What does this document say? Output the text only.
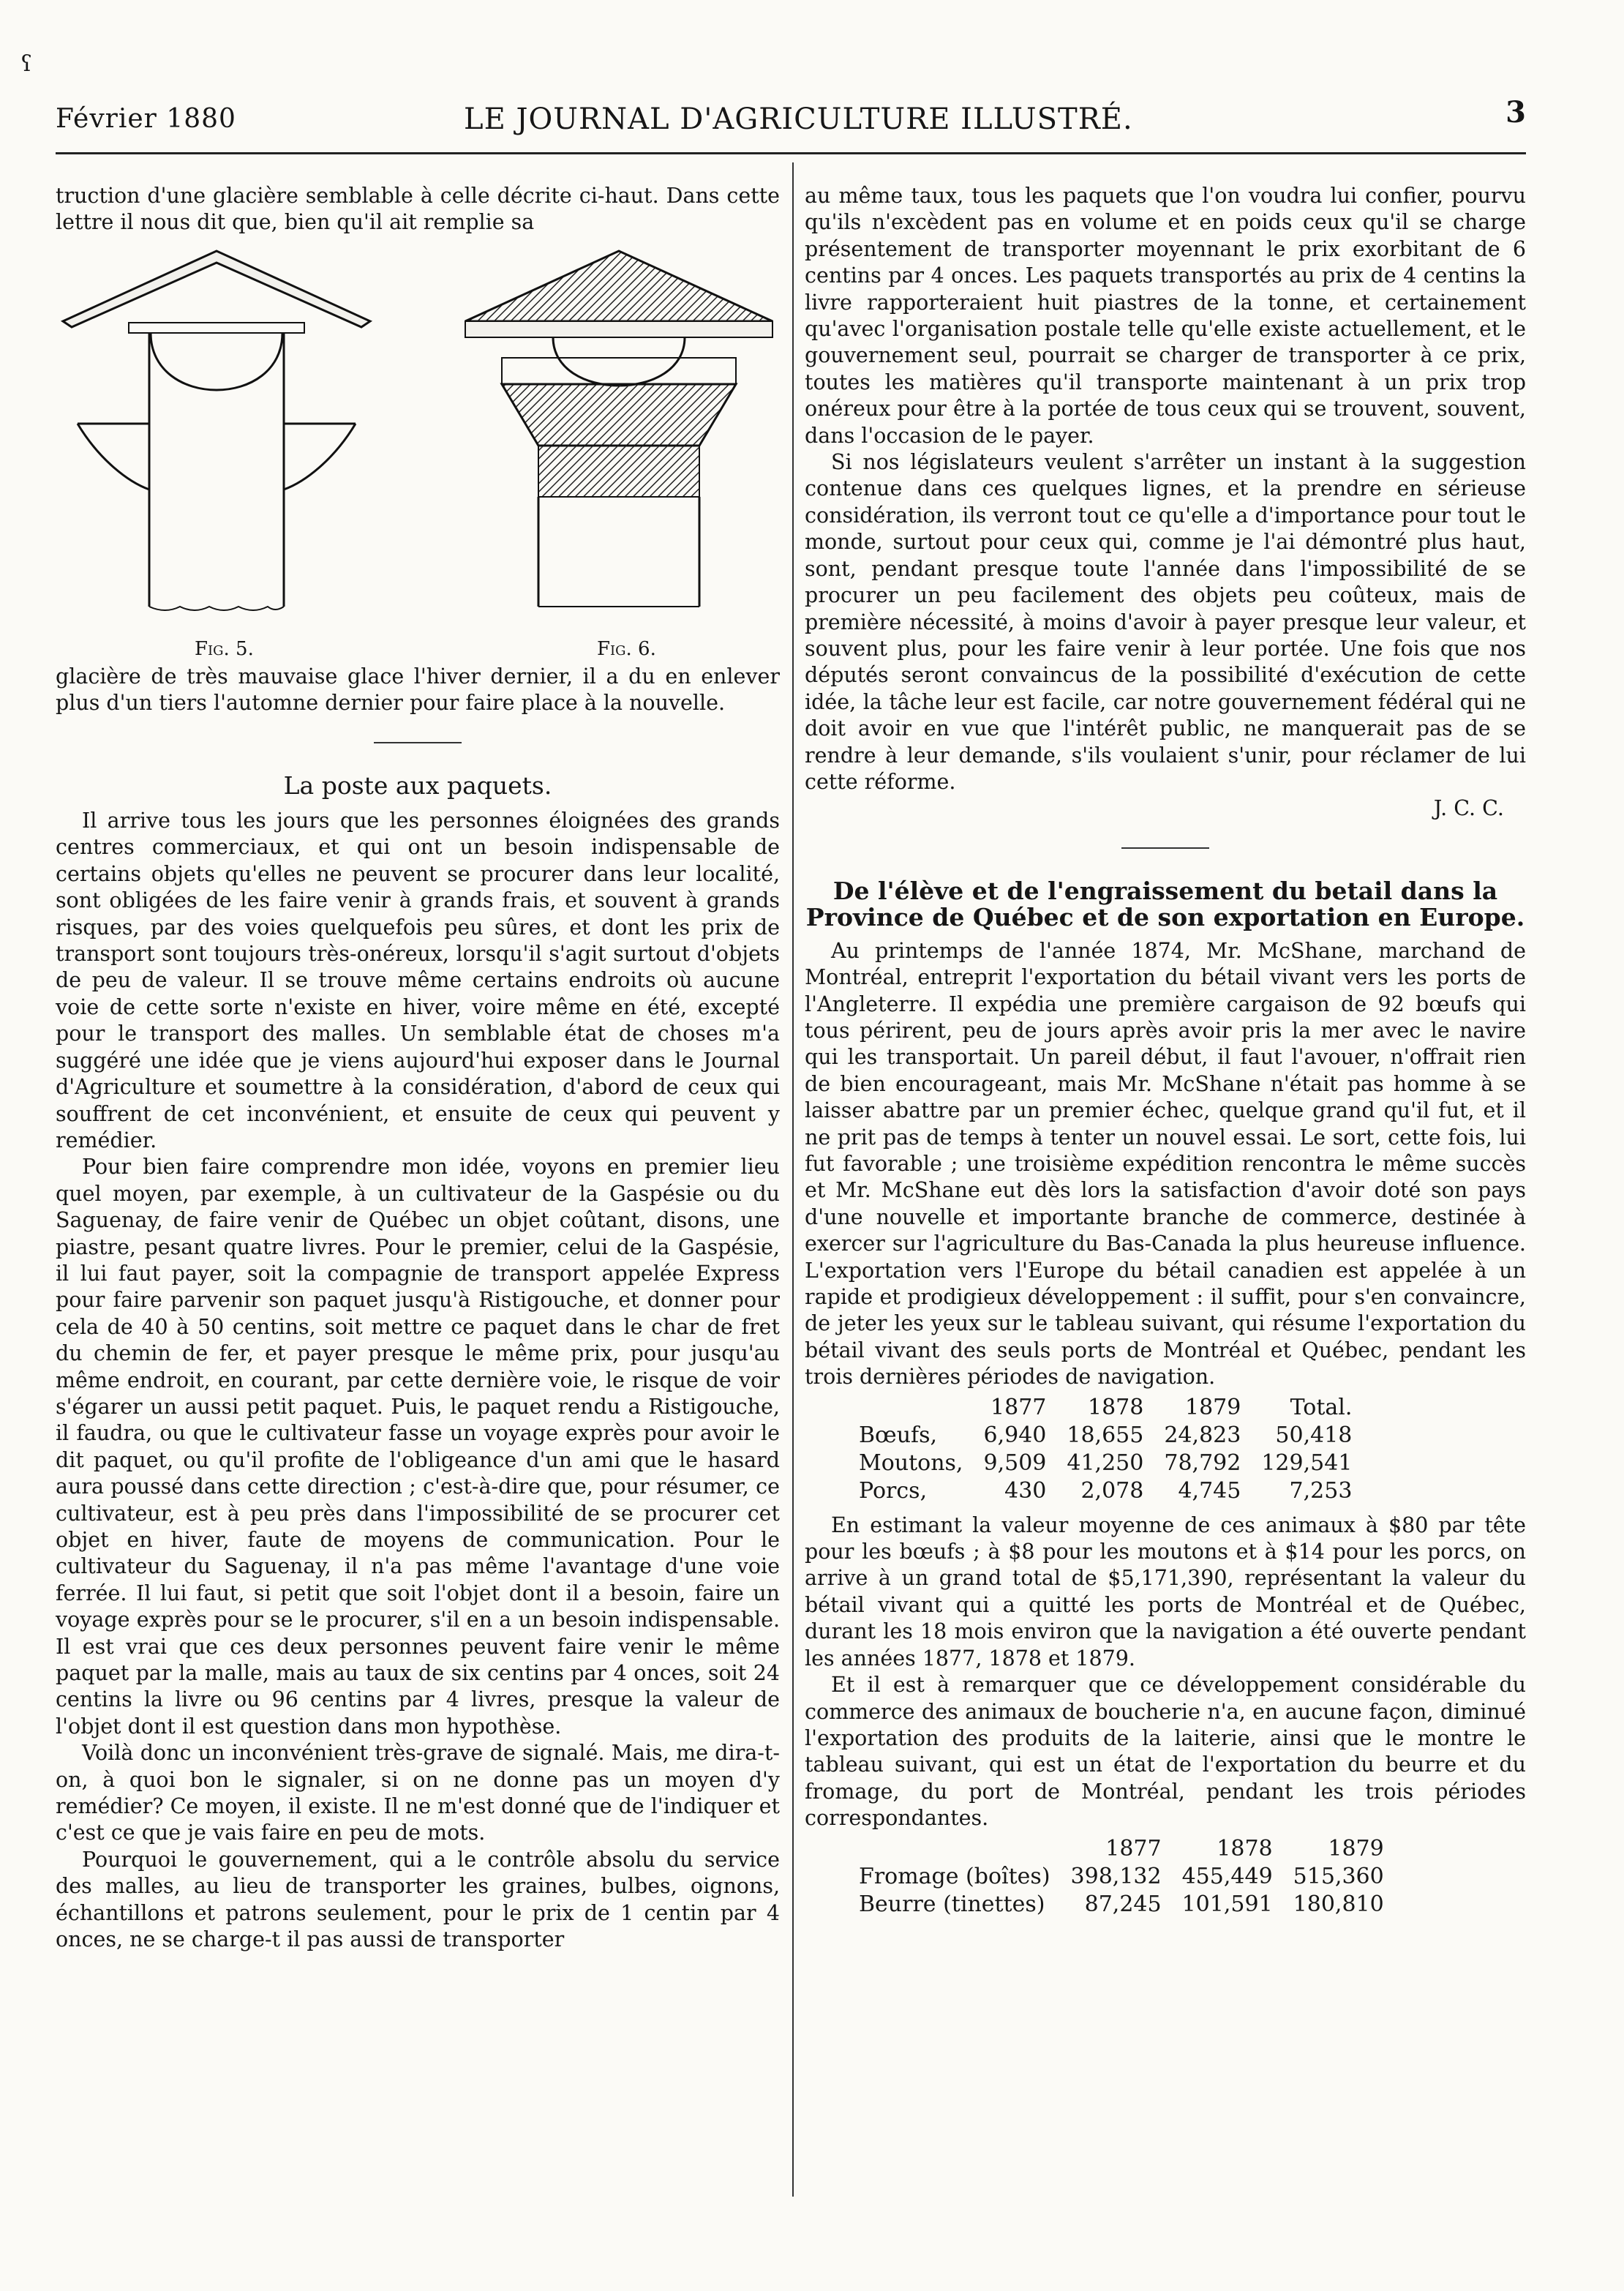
Février 1880	LE JOURNAL D'AGRICULTURE ILLUSTRÉ.	3
ʕ

truction d'une glacière semblable à celle décrite ci-haut. Dans cette lettre il nous dit que, bien qu'il ait remplie sa

Fig. 5.	Fig. 6.

glacière de très mauvaise glace l'hiver dernier, il a du en enlever plus d'un tiers l'automne dernier pour faire place à la nouvelle.

La poste aux paquets.

Il arrive tous les jours que les personnes éloignées des grands centres commerciaux, et qui ont un besoin indispensable de certains objets qu'elles ne peuvent se procurer dans leur localité, sont obligées de les faire venir à grands frais, et souvent à grands risques, par des voies quelquefois peu sûres, et dont les prix de transport sont toujours très-onéreux, lorsqu'il s'agit surtout d'objets de peu de valeur. Il se trouve même certains endroits où aucune voie de cette sorte n'existe en hiver, voire même en été, excepté pour le transport des malles. Un semblable état de choses m'a suggéré une idée que je viens aujourd'hui exposer dans le Journal d'Agriculture et soumettre à la considération, d'abord de ceux qui souffrent de cet inconvénient, et ensuite de ceux qui peuvent y remédier.

Pour bien faire comprendre mon idée, voyons en premier lieu quel moyen, par exemple, à un cultivateur de la Gaspésie ou du Saguenay, de faire venir de Québec un objet coûtant, disons, une piastre, pesant quatre livres. Pour le premier, celui de la Gaspésie, il lui faut payer, soit la compagnie de transport appelée Express pour faire parvenir son paquet jusqu'à Ristigouche, et donner pour cela de 40 à 50 centins, soit mettre ce paquet dans le char de fret du chemin de fer, et payer presque le même prix, pour jusqu'au même endroit, en courant, par cette dernière voie, le risque de voir s'égarer un aussi petit paquet. Puis, le paquet rendu a Ristigouche, il faudra, ou que le cultivateur fasse un voyage exprès pour avoir le dit paquet, ou qu'il profite de l'obligeance d'un ami que le hasard aura poussé dans cette direction ; c'est-à-dire que, pour résumer, ce cultivateur, est à peu près dans l'impossibilité de se procurer cet objet en hiver, faute de moyens de communication. Pour le cultivateur du Saguenay, il n'a pas même l'avantage d'une voie ferrée. Il lui faut, si petit que soit l'objet dont il a besoin, faire un voyage exprès pour se le procurer, s'il en a un besoin indispensable. Il est vrai que ces deux personnes peuvent faire venir le même paquet par la malle, mais au taux de six centins par 4 onces, soit 24 centins la livre ou 96 centins par 4 livres, presque la valeur de l'objet dont il est question dans mon hypothèse.

Voilà donc un inconvénient très-grave de signalé. Mais, me dira-t-on, à quoi bon le signaler, si on ne donne pas un moyen d'y remédier? Ce moyen, il existe. Il ne m'est donné que de l'indiquer et c'est ce que je vais faire en peu de mots.

Pourquoi le gouvernement, qui a le contrôle absolu du service des malles, au lieu de transporter les graines, bulbes, oignons, échantillons et patrons seulement, pour le prix de 1 centin par 4 onces, ne se charge-t il pas aussi de transporter

au même taux, tous les paquets que l'on voudra lui confier, pourvu qu'ils n'excèdent pas en volume et en poids ceux qu'il se charge présentement de transporter moyennant le prix exorbitant de 6 centins par 4 onces. Les paquets transportés au prix de 4 centins la livre rapporteraient huit piastres de la tonne, et certainement qu'avec l'organisation postale telle qu'elle existe actuellement, et le gouvernement seul, pourrait se charger de transporter à ce prix, toutes les matières qu'il transporte maintenant à un prix trop onéreux pour être à la portée de tous ceux qui se trouvent, souvent, dans l'occasion de le payer.

Si nos législateurs veulent s'arrêter un instant à la suggestion contenue dans ces quelques lignes, et la prendre en sérieuse considération, ils verront tout ce qu'elle a d'importance pour tout le monde, surtout pour ceux qui, comme je l'ai démontré plus haut, sont, pendant presque toute l'année dans l'impossibilité de se procurer un peu facilement des objets peu coûteux, mais de première nécessité, à moins d'avoir à payer presque leur valeur, et souvent plus, pour les faire venir à leur portée. Une fois que nos députés seront convaincus de la possibilité d'exécution de cette idée, la tâche leur est facile, car notre gouvernement fédéral qui ne doit avoir en vue que l'intérêt public, ne manquerait pas de se rendre à leur demande, s'ils voulaient s'unir, pour réclamer de lui cette réforme.

J. C. C.
De l'élève et de l'engraissement du betail dans la Province de Québec et de son exportation en Europe.

Au printemps de l'année 1874, Mr. McShane, marchand de Montréal, entreprit l'exportation du bétail vivant vers les ports de l'Angleterre. Il expédia une première cargaison de 92 bœufs qui tous périrent, peu de jours après avoir pris la mer avec le navire qui les transportait. Un pareil début, il faut l'avouer, n'offrait rien de bien encourageant, mais Mr. McShane n'était pas homme à se laisser abattre par un premier échec, quelque grand qu'il fut, et il ne prit pas de temps à tenter un nouvel essai. Le sort, cette fois, lui fut favorable ; une troisième expédition rencontra le même succès et Mr. McShane eut dès lors la satisfaction d'avoir doté son pays d'une nouvelle et importante branche de commerce, destinée à exercer sur l'agriculture du Bas-Canada la plus heureuse influence. L'exportation vers l'Europe du bétail canadien est appelée à un rapide et prodigieux développement : il suffit, pour s'en convaincre, de jeter les yeux sur le tableau suivant, qui résume l'exportation du bétail vivant des seuls ports de Montréal et Québec, pendant les trois dernières périodes de navigation.

	1877	1878	1879	Total.
Bœufs,	6,940	18,655	24,823	50,418
Moutons,	9,509	41,250	78,792	129,541
Porcs,	430	2,078	4,745	7,253

En estimant la valeur moyenne de ces animaux à $80 par tête pour les bœufs ; à $8 pour les moutons et à $14 pour les porcs, on arrive à un grand total de $5,171,390, représentant la valeur du bétail vivant qui a quitté les ports de Montréal et de Québec, durant les 18 mois environ que la navigation a été ouverte pendant les années 1877, 1878 et 1879.

Et il est à remarquer que ce développement considérable du commerce des animaux de boucherie n'a, en aucune façon, diminué l'exportation des produits de la laiterie, ainsi que le montre le tableau suivant, qui est un état de l'exportation du beurre et du fromage, du port de Montréal, pendant les trois périodes correspondantes.

	1877	1878	1879
Fromage (boîtes)	398,132	455,449	515,360
Beurre (tinettes)	87,245	101,591	180,810
